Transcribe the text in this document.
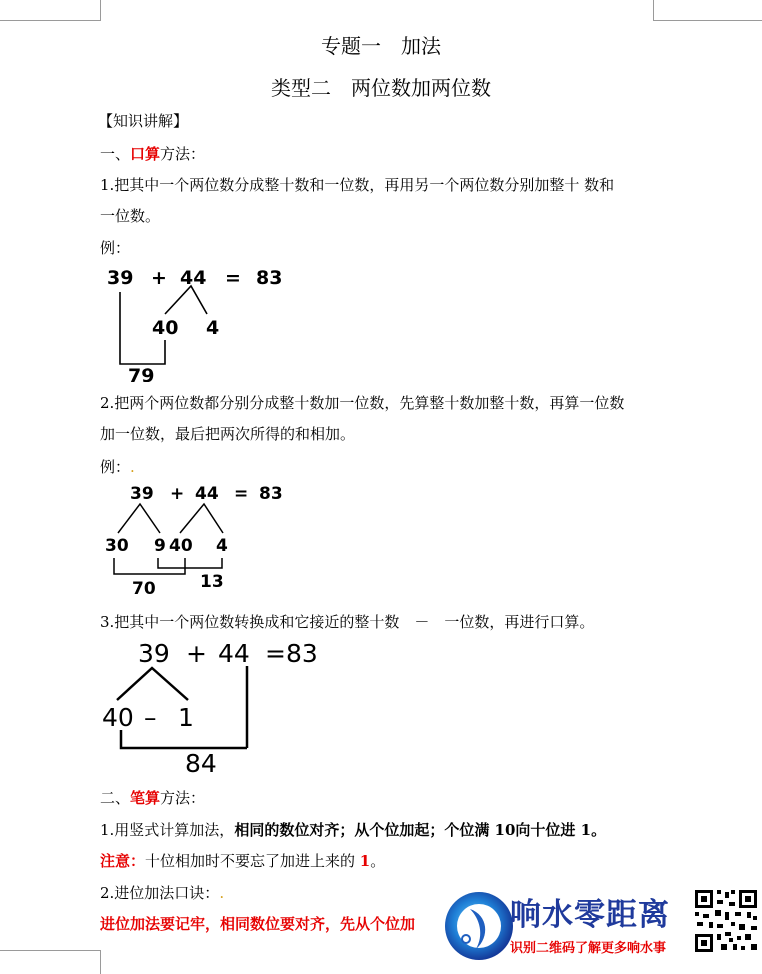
专题一　加法
类型二　两位数加两位数
【知识讲解】
一、口算方法：
1.把其中一个两位数分成整十数和一位数，再用另一个两位数分别加整十 数和
一位数。
例：
39 + 44 = 83
40 4
79
2.把两个两位数都分别分成整十数加一位数，先算整十数加整十数，再算一位数
加一位数，最后把两次所得的和相加。
例：.
39 + 44 = 83
30 9 40 4
70	13
3.把其中一个两位数转换成和它接近的整十数　－　一位数，再进行口算。
39 + 44 =83
40 – 1
84
二、笔算方法：
1.用竖式计算加法，相同的数位对齐；从个位加起；个位满 10向十位进 1。
注意：十位相加时不要忘了加进上来的 1。
2.进位加法口诀：.
进位加法要记牢，相同数位要对齐，先从个位加	响水零距离
识别二维码了解更多响水事
